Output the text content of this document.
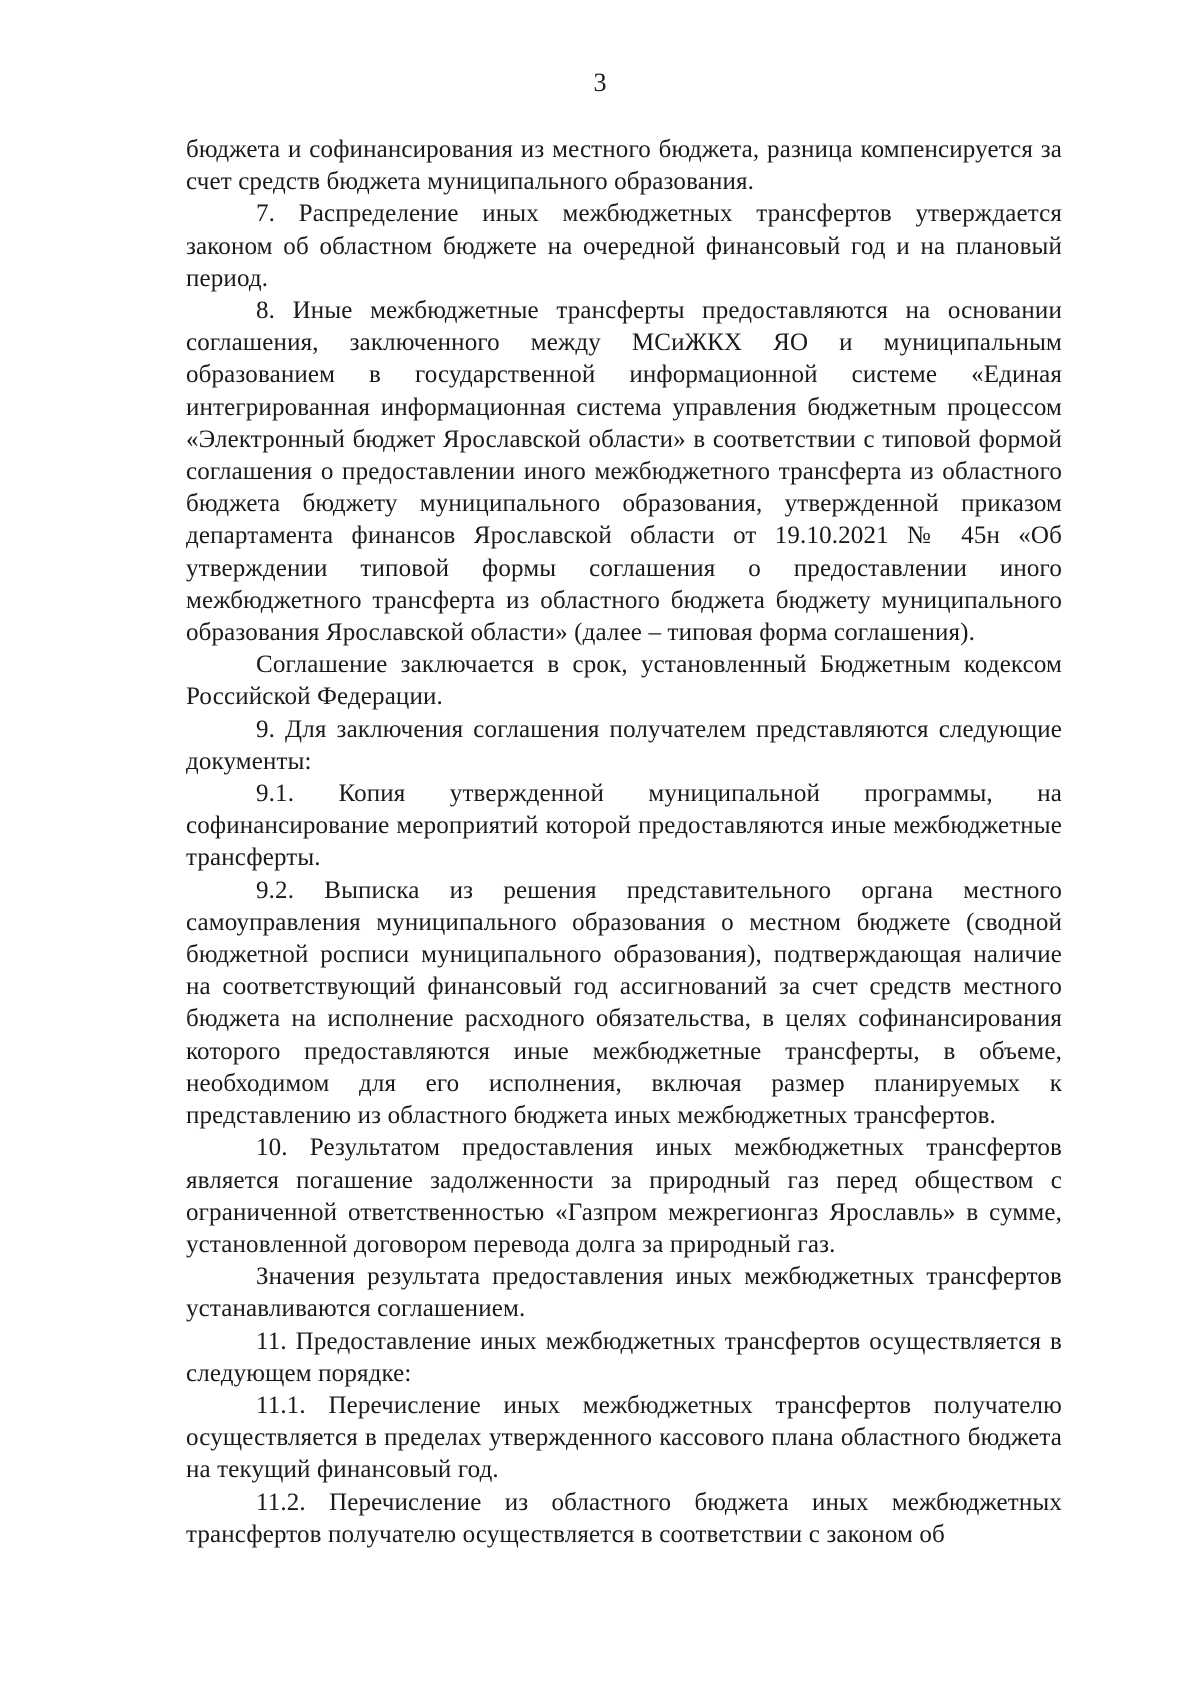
3

бюджета и софинансирования из местного бюджета, разница компенсируется за счет средств бюджета муниципального образования.

7. Распределение иных межбюджетных трансфертов утверждается законом об областном бюджете на очередной финансовый год и на плановый период.

8. Иные межбюджетные трансферты предоставляются на основании соглашения, заключенного между МСиЖКХ ЯО и муниципальным образованием в государственной информационной системе «Единая интегрированная информационная система управления бюджетным процессом «Электронный бюджет Ярославской области» в соответствии с типовой формой соглашения о предоставлении иного межбюджетного трансферта из областного бюджета бюджету муниципального образования, утвержденной приказом департамента финансов Ярославской области от 19.10.2021 № 45н «Об утверждении типовой формы соглашения о предоставлении иного межбюджетного трансферта из областного бюджета бюджету муниципального образования Ярославской области» (далее – типовая форма соглашения).

Соглашение заключается в срок, установленный Бюджетным кодексом Российской Федерации.

9. Для заключения соглашения получателем представляются следующие документы:

9.1. Копия утвержденной муниципальной программы, на софинансирование мероприятий которой предоставляются иные межбюджетные трансферты.

9.2. Выписка из решения представительного органа местного самоуправления муниципального образования о местном бюджете (сводной бюджетной росписи муниципального образования), подтверждающая наличие на соответствующий финансовый год ассигнований за счет средств местного бюджета на исполнение расходного обязательства, в целях софинансирования которого предоставляются иные межбюджетные трансферты, в объеме, необходимом для его исполнения, включая размер планируемых к представлению из областного бюджета иных межбюджетных трансфертов.

10. Результатом предоставления иных межбюджетных трансфертов является погашение задолженности за природный газ перед обществом с ограниченной ответственностью «Газпром межрегионгаз Ярославль» в сумме, установленной договором перевода долга за природный газ.

Значения результата предоставления иных межбюджетных трансфертов устанавливаются соглашением.

11. Предоставление иных межбюджетных трансфертов осуществляется в следующем порядке:

11.1. Перечисление иных межбюджетных трансфертов получателю осуществляется в пределах утвержденного кассового плана областного бюджета на текущий финансовый год.

11.2. Перечисление из областного бюджета иных межбюджетных трансфертов получателю осуществляется в соответствии с законом об
